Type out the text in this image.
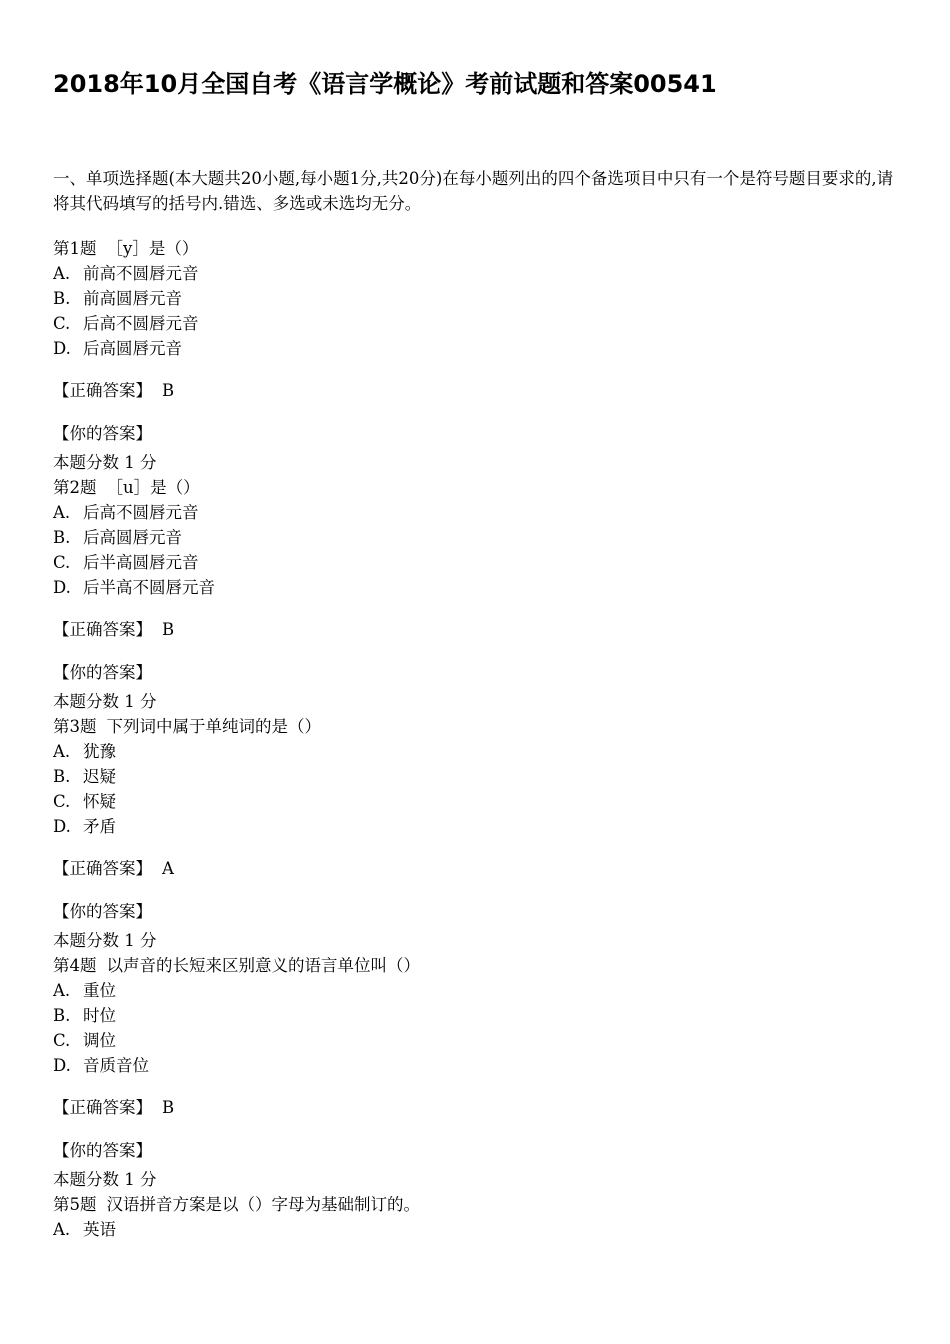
2018年10月全国自考《语言学概论》考前试题和答案00541

一、单项选择题(本大题共20小题,每小题1分,共20分)在每小题列出的四个备选项目中只有一个是符号题目要求的,请将其代码填写的括号内.错选、多选或未选均无分。

第1题 ［y］是（）
A. 前高不圆唇元音
B. 前高圆唇元音
C. 后高不圆唇元音
D. 后高圆唇元音
【正确答案】 B
【你的答案】
本题分数 1 分
第2题 ［u］是（）
A. 后高不圆唇元音
B. 后高圆唇元音
C. 后半高圆唇元音
D. 后半高不圆唇元音
【正确答案】 B
【你的答案】
本题分数 1 分
第3题 下列词中属于单纯词的是（）
A. 犹豫
B. 迟疑
C. 怀疑
D. 矛盾
【正确答案】 A
【你的答案】
本题分数 1 分
第4题 以声音的长短来区别意义的语言单位叫（）
A. 重位
B. 时位
C. 调位
D. 音质音位
【正确答案】 B
【你的答案】
本题分数 1 分
第5题 汉语拼音方案是以（）字母为基础制订的。
A. 英语
